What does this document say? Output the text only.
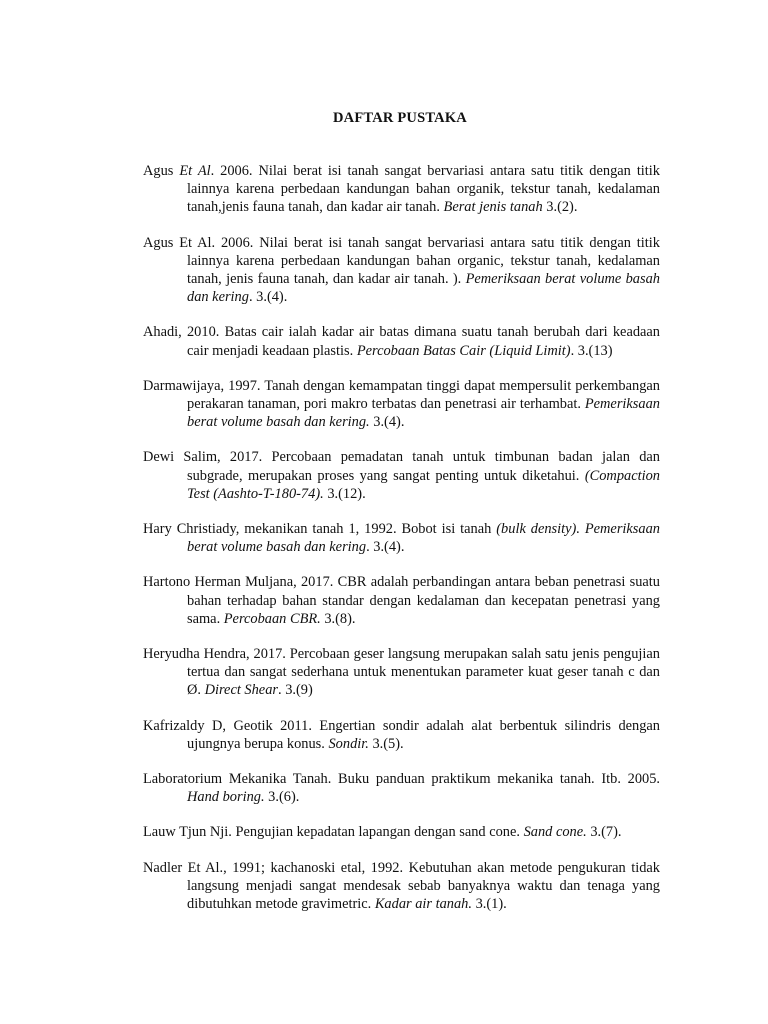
DAFTAR PUSTAKA

Agus Et Al. 2006. Nilai berat isi tanah sangat bervariasi antara satu titik dengan titik lainnya karena perbedaan kandungan bahan organik, tekstur tanah, kedalaman tanah,jenis fauna tanah, dan kadar air tanah. Berat jenis tanah 3.(2).

Agus Et Al. 2006. Nilai berat isi tanah sangat bervariasi antara satu titik dengan titik lainnya karena perbedaan kandungan bahan organic, tekstur tanah, kedalaman tanah, jenis fauna tanah, dan kadar air tanah. ). Pemeriksaan berat volume basah dan kering. 3.(4).

Ahadi, 2010. Batas cair ialah kadar air batas dimana suatu tanah berubah dari keadaan cair menjadi keadaan plastis. Percobaan Batas Cair (Liquid Limit). 3.(13)

Darmawijaya, 1997. Tanah dengan kemampatan tinggi dapat mempersulit perkembangan perakaran tanaman, pori makro terbatas dan penetrasi air terhambat. Pemeriksaan berat volume basah dan kering. 3.(4).

Dewi Salim, 2017. Percobaan pemadatan tanah untuk timbunan badan jalan dan subgrade, merupakan proses yang sangat penting untuk diketahui. (Compaction Test (Aashto-T-180-74). 3.(12).

Hary Christiady, mekanikan tanah 1, 1992. Bobot isi tanah (bulk density). Pemeriksaan berat volume basah dan kering. 3.(4).

Hartono Herman Muljana, 2017. CBR adalah perbandingan antara beban penetrasi suatu bahan terhadap bahan standar dengan kedalaman dan kecepatan penetrasi yang sama. Percobaan CBR. 3.(8).

Heryudha Hendra, 2017. Percobaan geser langsung merupakan salah satu jenis pengujian tertua dan sangat sederhana untuk menentukan parameter kuat geser tanah c dan Ø. Direct Shear. 3.(9)

Kafrizaldy D, Geotik 2011. Engertian sondir adalah alat berbentuk silindris dengan ujungnya berupa konus. Sondir. 3.(5).

Laboratorium Mekanika Tanah. Buku panduan praktikum mekanika tanah. Itb. 2005. Hand boring. 3.(6).

Lauw Tjun Nji. Pengujian kepadatan lapangan dengan sand cone. Sand cone. 3.(7).

Nadler Et Al., 1991; kachanoski etal, 1992. Kebutuhan akan metode pengukuran tidak langsung menjadi sangat mendesak sebab banyaknya waktu dan tenaga yang dibutuhkan metode gravimetric. Kadar air tanah. 3.(1).
